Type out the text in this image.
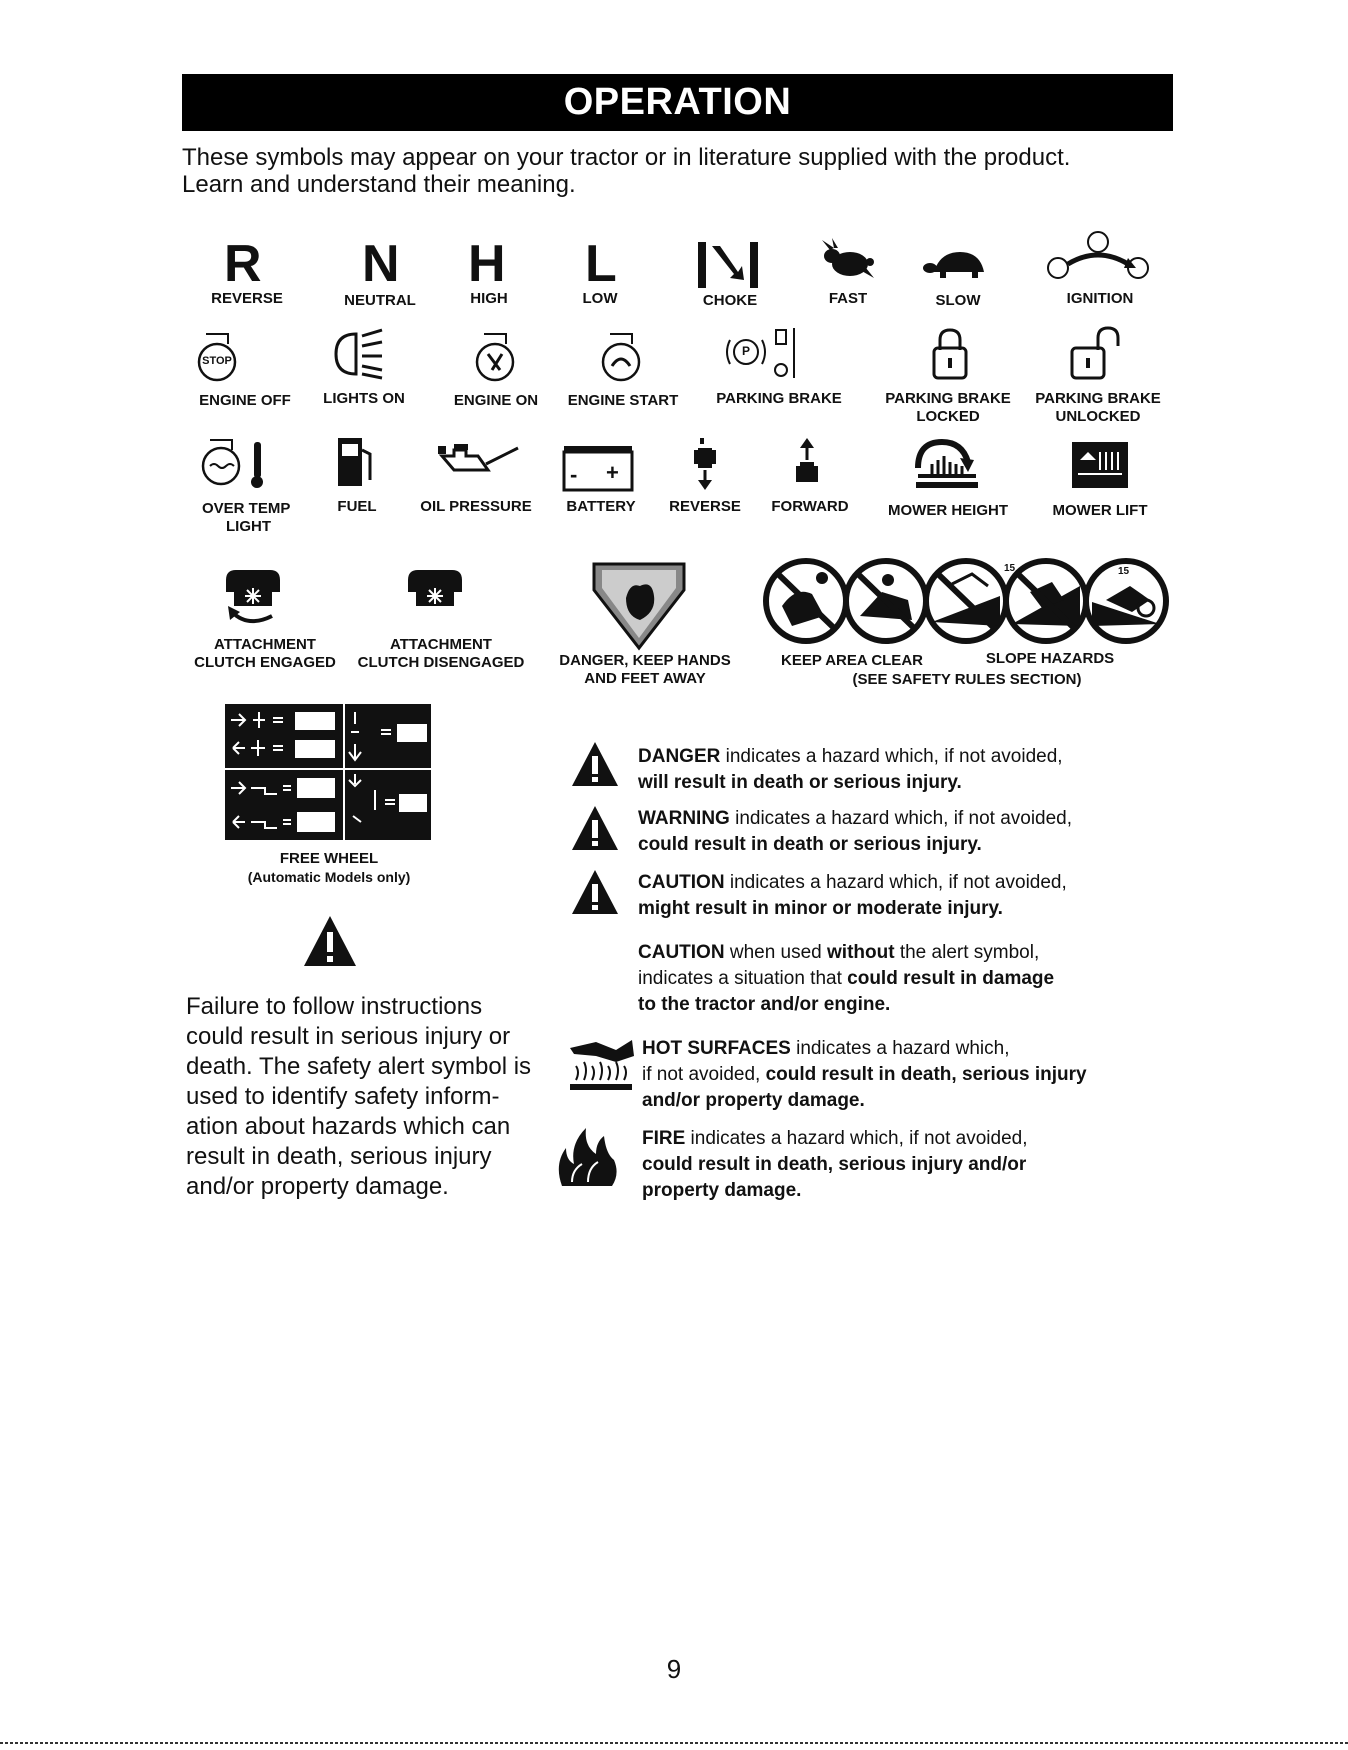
OPERATION
These symbols may appear on your tractor or in literature supplied with the product.
Learn and understand their meaning.
R
REVERSE
N
NEUTRAL
H
HIGH
L
LOW	CHOKE	FAST	SLOW	IGNITION
STOP
ENGINE OFF	LIGHTS ON	ENGINE ON	ENGINE START
P
PARKING BRAKE	PARKING BRAKE
LOCKED
PARKING BRAKE
UNLOCKED
OVER TEMP
LIGHT
FUEL	OIL PRESSURE
-	+
BATTERY	REVERSE	FORWARD	MOWER HEIGHT	MOWER LIFT
ATTACHMENT
CLUTCH ENGAGED
ATTACHMENT
CLUTCH DISENGAGED	DANGER, KEEP HANDS
AND FEET AWAY
15	15
KEEP AREA CLEAR	SLOPE HAZARDS
(SEE SAFETY RULES SECTION)
FREE WHEEL
(Automatic Models only)
Failure to follow instructions could result in serious injury or death. The safety alert symbol is used to identify safety inform-ation about hazards which can result in death, serious injury and/or property damage.
DANGER indicates a hazard which, if not avoided,
will result in death or serious injury.
WARNING indicates a hazard which, if not avoided,
could result in death or serious injury.
CAUTION indicates a hazard which, if not avoided,
might result in minor or moderate injury.
CAUTION when used without the alert symbol,
indicates a situation that could result in damage
to the tractor and/or engine.
HOT SURFACES indicates a hazard which,
if not avoided, could result in death, serious injury
and/or property damage.
FIRE indicates a hazard which, if not avoided,
could result in death, serious injury and/or
property damage.
9
